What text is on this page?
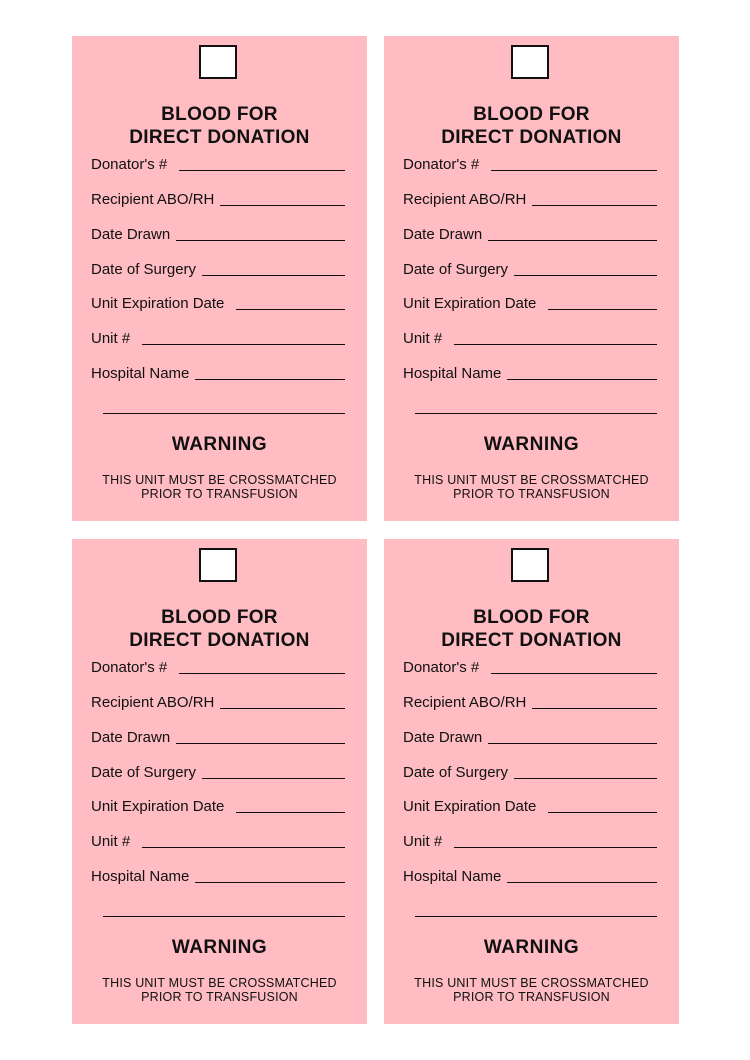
BLOOD FOR
DIRECT DONATION
Donator's #
Recipient ABO/RH
Date Drawn
Date of Surgery
Unit Expiration Date
Unit #
Hospital Name
WARNING
THIS UNIT MUST BE CROSSMATCHED
PRIOR TO TRANSFUSION
BLOOD FOR
DIRECT DONATION
Donator's #
Recipient ABO/RH
Date Drawn
Date of Surgery
Unit Expiration Date
Unit #
Hospital Name
WARNING
THIS UNIT MUST BE CROSSMATCHED
PRIOR TO TRANSFUSION
BLOOD FOR
DIRECT DONATION
Donator's #
Recipient ABO/RH
Date Drawn
Date of Surgery
Unit Expiration Date
Unit #
Hospital Name
WARNING
THIS UNIT MUST BE CROSSMATCHED
PRIOR TO TRANSFUSION
BLOOD FOR
DIRECT DONATION
Donator's #
Recipient ABO/RH
Date Drawn
Date of Surgery
Unit Expiration Date
Unit #
Hospital Name
WARNING
THIS UNIT MUST BE CROSSMATCHED
PRIOR TO TRANSFUSION
